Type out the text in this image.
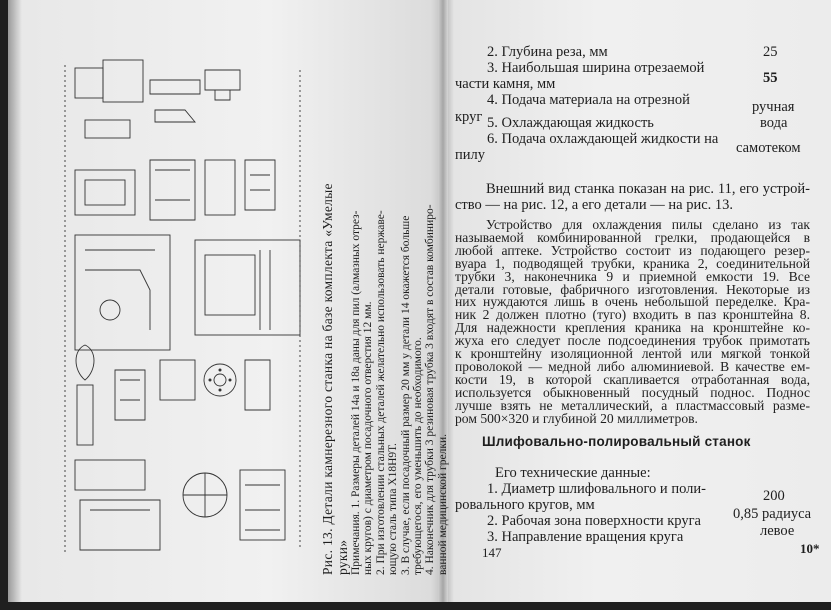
Рис. 13. Детали камнерезного станка на базе комплекта «Умелые руки» Примечания. 1. Размеры деталей 14а и 18а даны для пил (алмазных отрез- ных кругов) с диаметром посадочного отверстия 12 мм. 2. При изготовлении стальных деталей желательно использовать нержаве- ющую сталь типа Х18Н9Т. 3. В случае, если посадочный размер 20 мм у детали 14 окажется больше требующегося, его уменьшить до необходимого. 4. Наконечник для трубки 3 резиновая трубка 3 входят в состав комбиниро- ванной медицинской грелки.
2. Глубина реза, мм	25
3. Наибольшая ширина отрезаемой
части камня, мм	55
4. Подача материала на отрезной
круг
ручная
5. Охлаждающая жидкость	вода
6. Подача охлаждающей жидкости на
пилу	самотеком
Внешний вид станка показан на рис. 11, его устрой-
ство — на рис. 12, а его детали — на рис. 13.
Устройство для охлаждения пилы сделано из так
называемой комбинированной грелки, продающейся в
любой аптеке. Устройство состоит из подающего резер-
вуара 1, подводящей трубки, краника 2, соединительной
трубки 3, наконечника 9 и приемной емкости 19. Все
детали готовые, фабричного изготовления. Некоторые из
них нуждаются лишь в очень небольшой переделке. Кра-
ник 2 должен плотно (туго) входить в паз кронштейна 8.
Для надежности крепления краника на кронштейне ко-
жуха его следует после подсоединения трубок примотать
к кронштейну изоляционной лентой или мягкой тонкой
проволокой — медной либо алюминиевой. В качестве ем-
кости 19, в которой скапливается отработанная вода,
Шлифовально-полировальный станок
Его технические данные:
1. Диаметр шлифовального и поли-
ровального кругов, мм
200
2. Рабочая зона поверхности круга 0,85 радиуса
3. Направление вращения круга	левое
147	10*
используется обыкновенный посудный поднос. Поднос
лучше взять не металлический, а пластмассовый разме-
ром 500×320 и глубиной 20 миллиметров.
